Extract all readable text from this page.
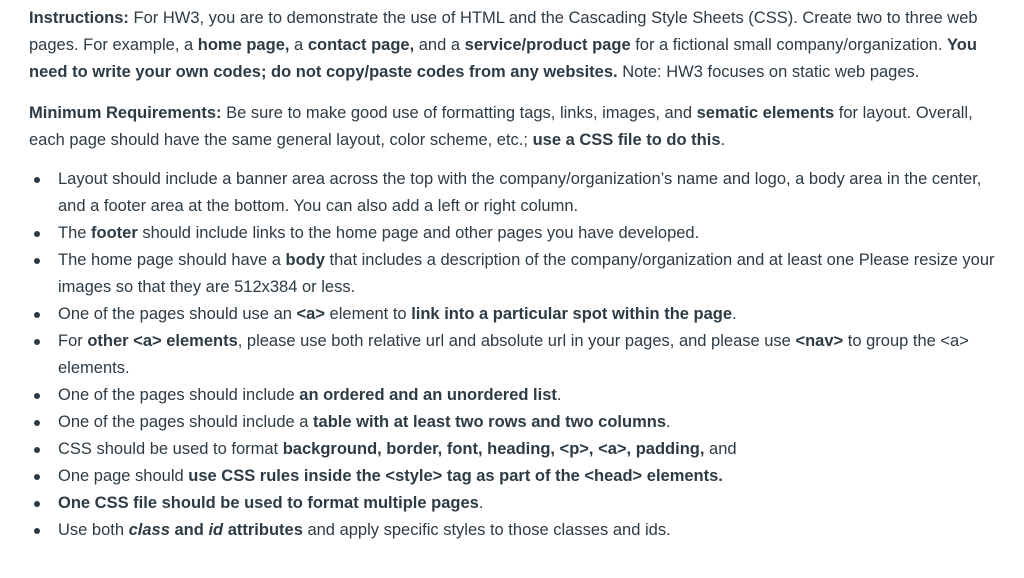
Instructions: For HW3, you are to demonstrate the use of HTML and the Cascading Style Sheets (CSS). Create two to three web pages. For example, a home page, a contact page, and a service/product page for a fictional small company/organization. You need to write your own codes; do not copy/paste codes from any websites. Note: HW3 focuses on static web pages.

Minimum Requirements: Be sure to make good use of formatting tags, links, images, and sematic elements for layout. Overall, each page should have the same general layout, color scheme, etc.; use a CSS file to do this.

Layout should include a banner area across the top with the company/organization’s name and logo, a body area in the center, and a footer area at the bottom. You can also add a left or right column.
The footer should include links to the home page and other pages you have developed.
The home page should have a body that includes a description of the company/organization and at least one Please resize your images so that they are 512x384 or less.
One of the pages should use an <a> element to link into a particular spot within the page.
For other <a> elements, please use both relative url and absolute url in your pages, and please use <nav> to group the <a> elements.
One of the pages should include an ordered and an unordered list.
One of the pages should include a table with at least two rows and two columns.
CSS should be used to format background, border, font, heading, <p>, <a>, padding, and
One page should use CSS rules inside the <style> tag as part of the <head> elements.
One CSS file should be used to format multiple pages.
Use both class and id attributes and apply specific styles to those classes and ids.
